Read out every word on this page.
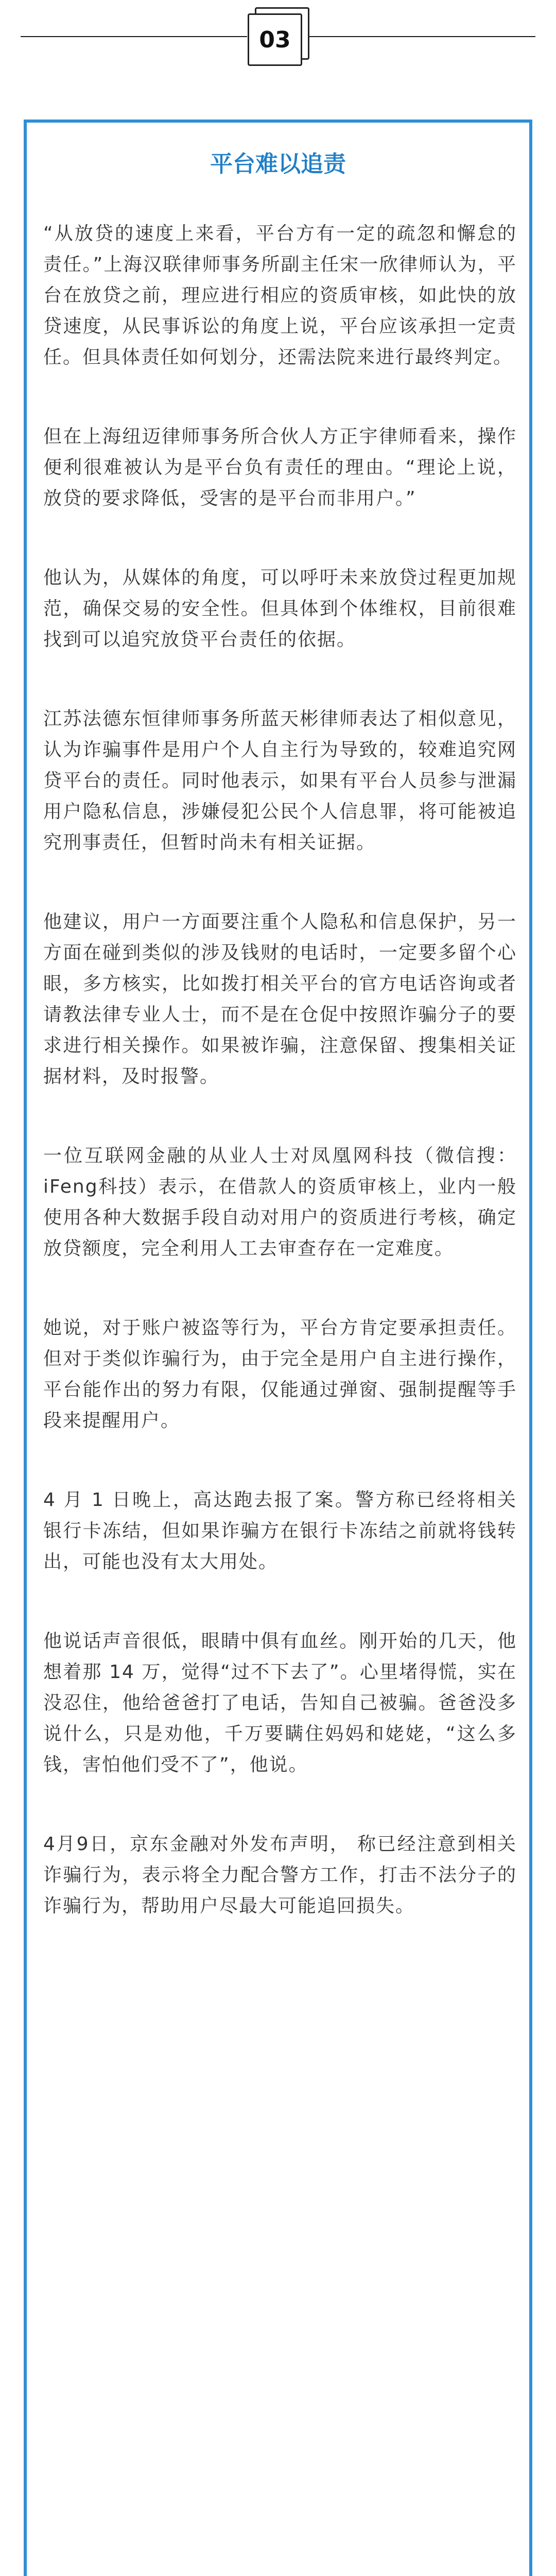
03
平台难以追责

“从放贷的速度上来看，平台方有一定的疏忽和懈怠的责任。”上海汉联律师事务所副主任宋一欣律师认为，平台在放贷之前，理应进行相应的资质审核，如此快的放贷速度，从民事诉讼的角度上说，平台应该承担一定责任。但具体责任如何划分，还需法院来进行最终判定。

但在上海纽迈律师事务所合伙人方正宇律师看来，操作便利很难被认为是平台负有责任的理由。“理论上说，放贷的要求降低，受害的是平台而非用户。”

他认为，从媒体的角度，可以呼吁未来放贷过程更加规范，确保交易的安全性。但具体到个体维权，目前很难找到可以追究放贷平台责任的依据。

江苏法德东恒律师事务所蓝天彬律师表达了相似意见，认为诈骗事件是用户个人自主行为导致的，较难追究网贷平台的责任。同时他表示，如果有平台人员参与泄漏用户隐私信息，涉嫌侵犯公民个人信息罪，将可能被追究刑事责任，但暂时尚未有相关证据。

他建议，用户一方面要注重个人隐私和信息保护，另一方面在碰到类似的涉及钱财的电话时，一定要多留个心眼，多方核实，比如拨打相关平台的官方电话咨询或者请教法律专业人士，而不是在仓促中按照诈骗分子的要求进行相关操作。如果被诈骗，注意保留、搜集相关证据材料，及时报警。

一位互联网金融的从业人士对凤凰网科技（微信搜：iFeng科技）表示，在借款人的资质审核上，业内一般使用各种大数据手段自动对用户的资质进行考核，确定放贷额度，完全利用人工去审查存在一定难度。

她说，对于账户被盗等行为，平台方肯定要承担责任。但对于类似诈骗行为，由于完全是用户自主进行操作，平台能作出的努力有限，仅能通过弹窗、强制提醒等手段来提醒用户。

4 月 1 日晚上，高达跑去报了案。警方称已经将相关银行卡冻结，但如果诈骗方在银行卡冻结之前就将钱转出，可能也没有太大用处。

他说话声音很低，眼睛中俱有血丝。刚开始的几天，他想着那 14 万，觉得“过不下去了”。心里堵得慌，实在没忍住，他给爸爸打了电话，告知自己被骗。爸爸没多说什么，只是劝他，千万要瞒住妈妈和姥姥，“这么多钱，害怕他们受不了”，他说。

4月9日，京东金融对外发布声明， 称已经注意到相关诈骗行为，表示将全力配合警方工作，打击不法分子的诈骗行为，帮助用户尽最大可能追回损失。
